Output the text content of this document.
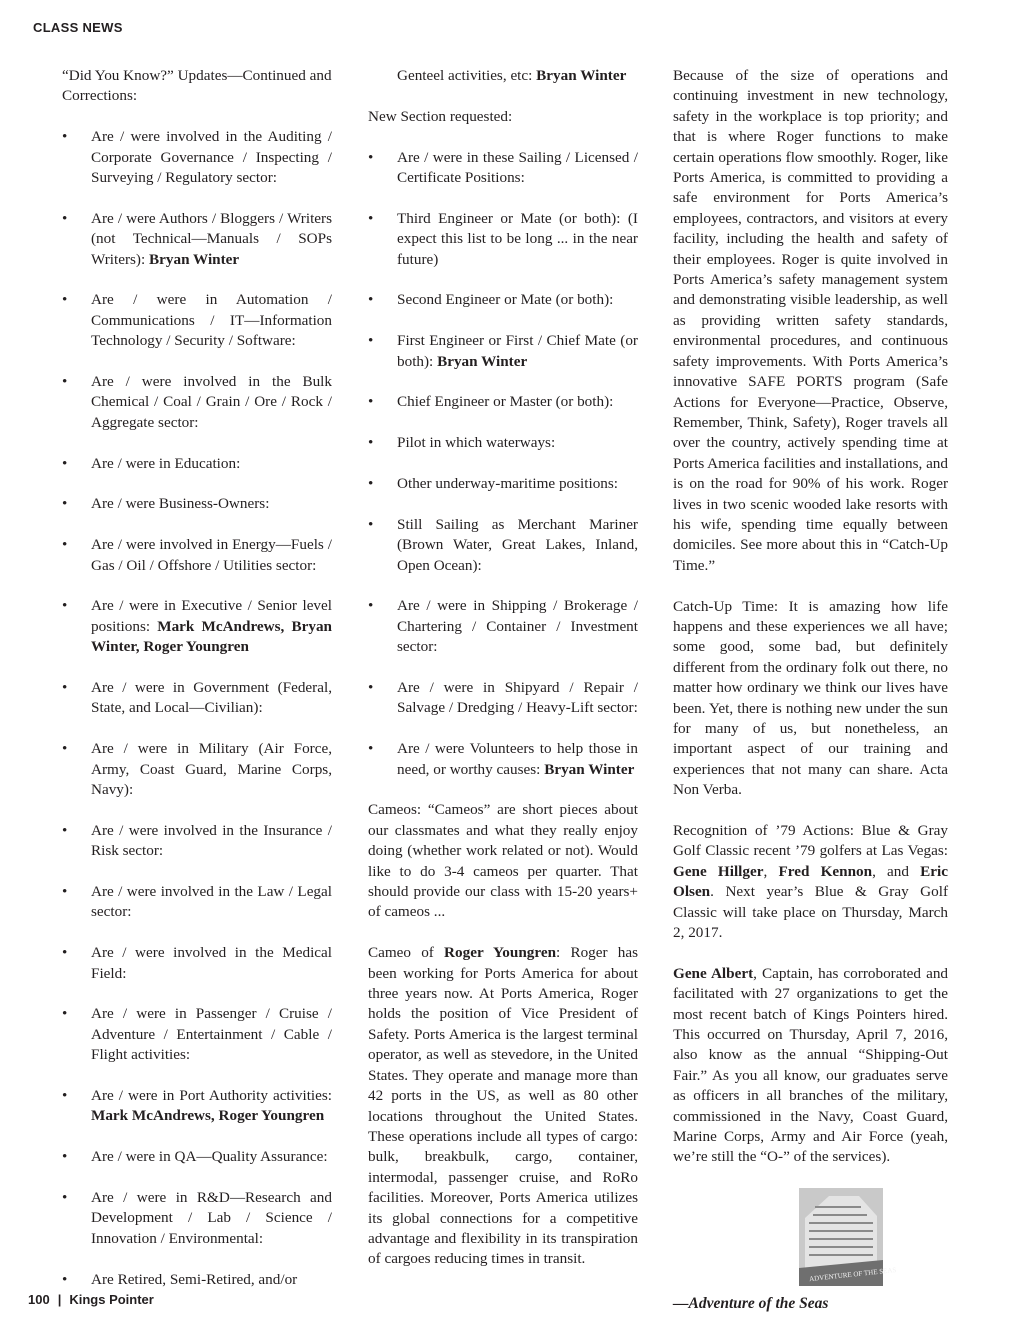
CLASS NEWS

“Did You Know?” Updates—Continued and Corrections:

• Are / were involved in the Auditing / Corporate Governance / Inspecting / Surveying / Regulatory sector:
• Are / were Authors / Bloggers / Writers (not Technical—Manuals / SOPs Writers): Bryan Winter
• Are / were in Automation / Communications / IT—Information Technology / Security / Software:
• Are / were involved in the Bulk Chemical / Coal / Grain / Ore / Rock / Aggregate sector:
• Are / were in Education:
• Are / were Business-Owners:
• Are / were involved in Energy—Fuels / Gas / Oil / Offshore / Utilities sector:
• Are / were in Executive / Senior level positions: Mark McAndrews, Bryan Winter, Roger Youngren
• Are / were in Government (Federal, State, and Local—Civilian):
• Are / were in Military (Air Force, Army, Coast Guard, Marine Corps, Navy):
• Are / were involved in the Insurance / Risk sector:
• Are / were involved in the Law / Legal sector:
• Are / were involved in the Medical Field:
• Are / were in Passenger / Cruise / Adventure / Entertainment / Cable / Flight activities:
• Are / were in Port Authority activities: Mark McAndrews, Roger Youngren
• Are / were in QA—Quality Assurance:
• Are / were in R&D—Research and Development / Lab / Science / Innovation / Environmental:
• Are Retired, Semi-Retired, and/or

Genteel activities, etc: Bryan Winter

New Section requested:

• Are / were in these Sailing / Licensed / Certificate Positions:
• Third Engineer or Mate (or both): (I expect this list to be long ... in the near future)
• Second Engineer or Mate (or both):
• First Engineer or First / Chief Mate (or both): Bryan Winter
• Chief Engineer or Master (or both):
• Pilot in which waterways:
• Other underway-maritime positions:
• Still Sailing as Merchant Mariner (Brown Water, Great Lakes, Inland, Open Ocean):
• Are / were in Shipping / Brokerage / Chartering / Container / Investment sector:
• Are / were in Shipyard / Repair / Salvage / Dredging / Heavy-Lift sector:
• Are / were Volunteers to help those in need, or worthy causes: Bryan Winter

Cameos: “Cameos” are short pieces about our classmates and what they really enjoy doing (whether work related or not). Would like to do 3-4 cameos per quarter. That should provide our class with 15-20 years+ of cameos ...

Cameo of Roger Youngren: Roger has been working for Ports America for about three years now. At Ports America, Roger holds the position of Vice President of Safety. Ports America is the largest terminal operator, as well as stevedore, in the United States. They operate and manage more than 42 ports in the US, as well as 80 other locations throughout the United States. These operations include all types of cargo: bulk, breakbulk, cargo, container, intermodal, passenger cruise, and RoRo facilities. Moreover, Ports America utilizes its global connections for a competitive advantage and flexibility in its transpiration of cargoes reducing times in transit.

Because of the size of operations and continuing investment in new technology, safety in the workplace is top priority; and that is where Roger functions to make certain operations flow smoothly. Roger, like Ports America, is committed to providing a safe environment for Ports America’s employees, contractors, and visitors at every facility, including the health and safety of their employees. Roger is quite involved in Ports America’s safety management system and demonstrating visible leadership, as well as providing written safety standards, environmental procedures, and continuous safety improvements. With Ports America’s innovative SAFE PORTS program (Safe Actions for Everyone—Practice, Observe, Remember, Think, Safety), Roger travels all over the country, actively spending time at Ports America facilities and installations, and is on the road for 90% of his work. Roger lives in two scenic wooded lake resorts with his wife, spending time equally between domiciles. See more about this in “Catch-Up Time.”

Catch-Up Time: It is amazing how life happens and these experiences we all have; some good, some bad, but definitely different from the ordinary folk out there, no matter how ordinary we think our lives have been. Yet, there is nothing new under the sun for many of us, but nonetheless, an important aspect of our training and experiences that not many can share. Acta Non Verba.

Recognition of ’79 Actions: Blue & Gray Golf Classic recent ’79 golfers at Las Vegas: Gene Hillger, Fred Kennon, and Eric Olsen. Next year’s Blue & Gray Golf Classic will take place on Thursday, March 2, 2017.

Gene Albert, Captain, has corroborated and facilitated with 27 organizations to get the most recent batch of Kings Pointers hired. This occurred on Thursday, April 7, 2016, also know as the annual “Shipping-Out Fair.” As you all know, our graduates serve as officers in all branches of the military, commissioned in the Navy, Coast Guard, Marine Corps, Army and Air Force (yeah, we’re still the “O-” of the services).

ADVENTURE OF THE SEAS
—Adventure of the Seas
100 | Kings Pointer
